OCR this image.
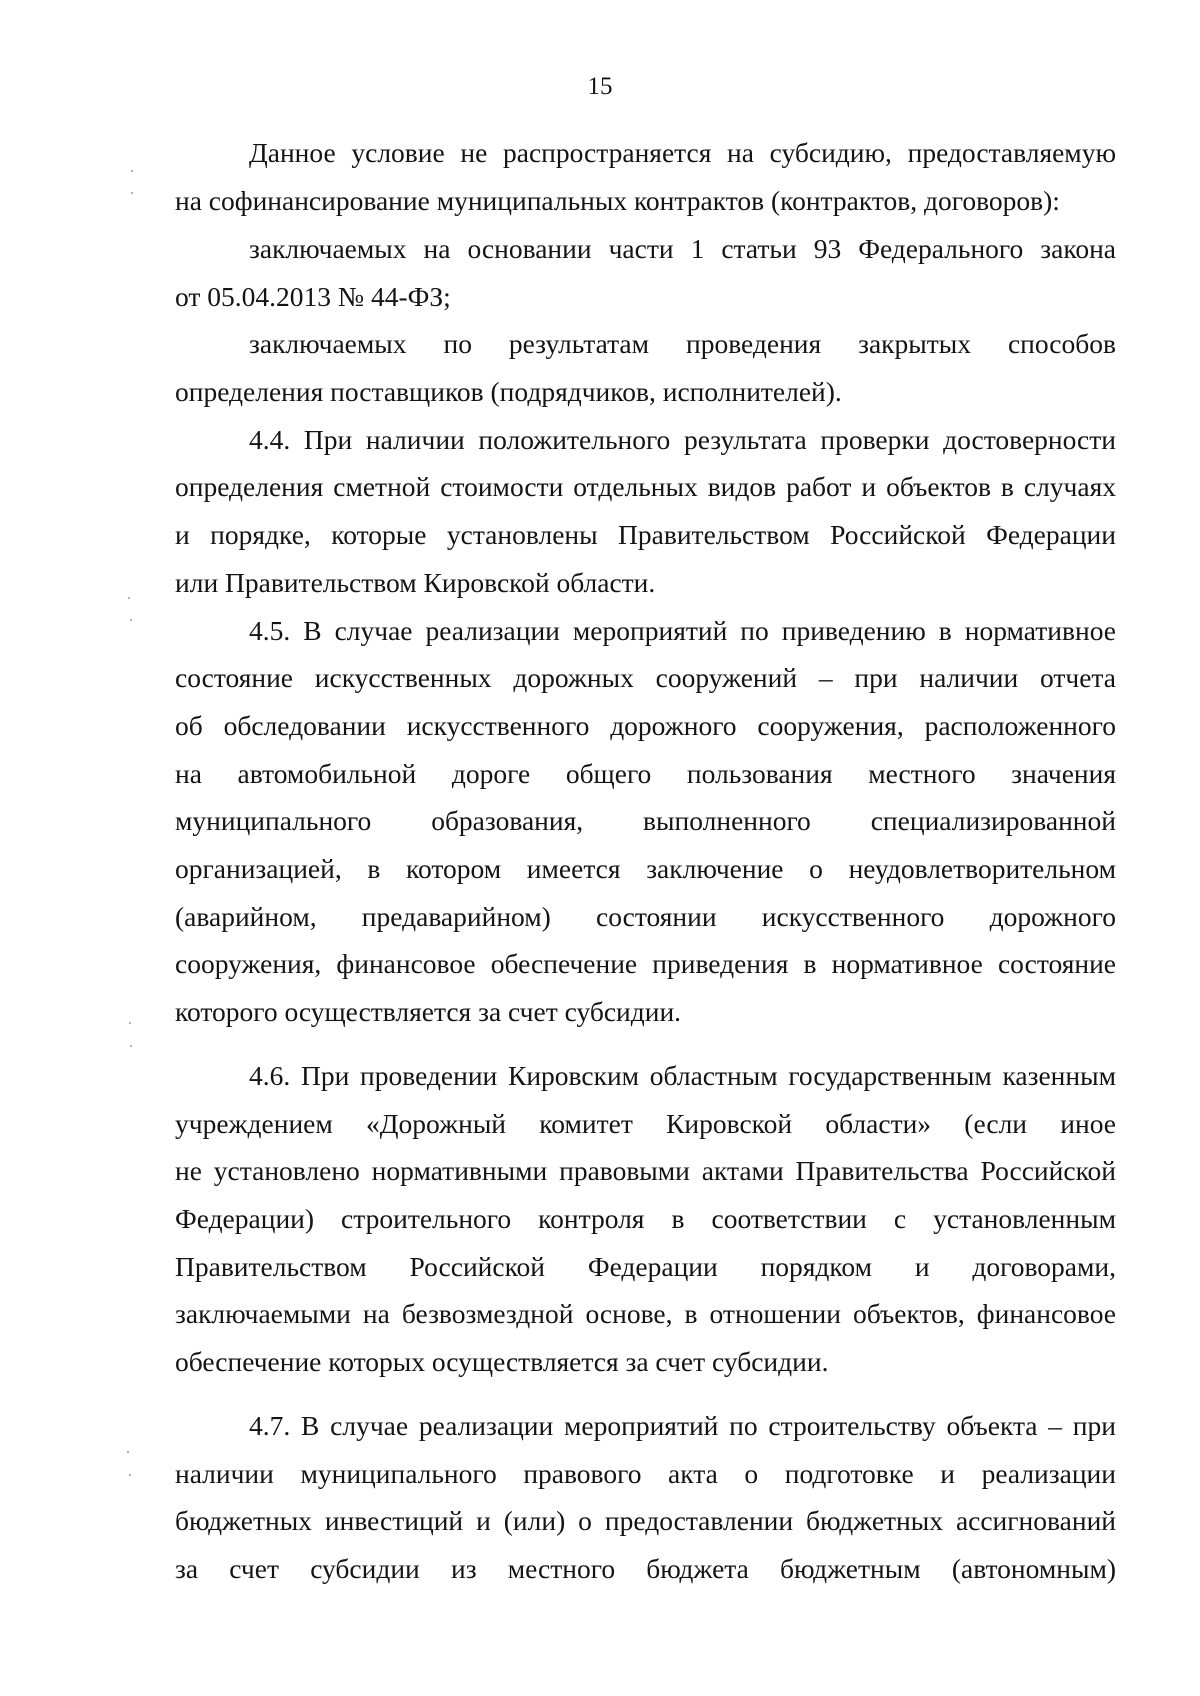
15
Данное условие не распространяется на субсидию, предоставляемую
на софинансирование муниципальных контрактов (контрактов, договоров):
заключаемых на основании части 1 статьи 93 Федерального закона
от 05.04.2013 № 44-ФЗ;
заключаемых по результатам проведения закрытых способов
определения поставщиков (подрядчиков, исполнителей).
4.4. При наличии положительного результата проверки достоверности
определения сметной стоимости отдельных видов работ и объектов в случаях
и порядке, которые установлены Правительством Российской Федерации
или Правительством Кировской области.
4.5. В случае реализации мероприятий по приведению в нормативное
состояние искусственных дорожных сооружений – при наличии отчета
об обследовании искусственного дорожного сооружения, расположенного
на автомобильной дороге общего пользования местного значения
муниципального образования, выполненного специализированной
организацией, в котором имеется заключение о неудовлетворительном
(аварийном, предаварийном) состоянии искусственного дорожного
сооружения, финансовое обеспечение приведения в нормативное состояние
которого осуществляется за счет субсидии.
4.6. При проведении Кировским областным государственным казенным
учреждением «Дорожный комитет Кировской области» (если иное
не установлено нормативными правовыми актами Правительства Российской
Федерации) строительного контроля в соответствии с установленным
Правительством Российской Федерации порядком и договорами,
заключаемыми на безвозмездной основе, в отношении объектов, финансовое
обеспечение которых осуществляется за счет субсидии.
4.7. В случае реализации мероприятий по строительству объекта – при
наличии муниципального правового акта о подготовке и реализации
бюджетных инвестиций и (или) о предоставлении бюджетных ассигнований
за счет субсидии из местного бюджета бюджетным (автономным)
